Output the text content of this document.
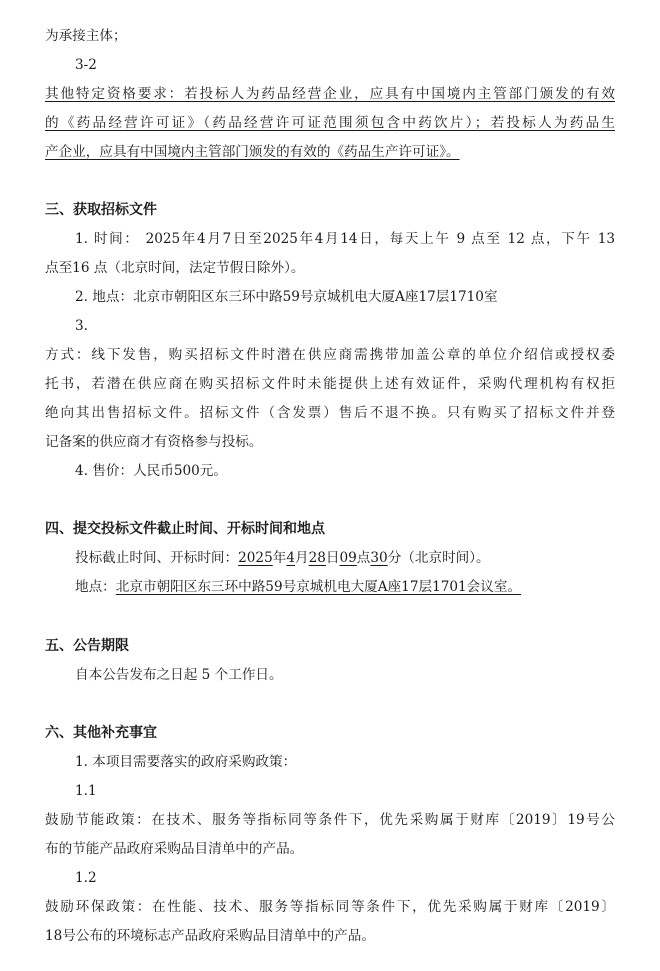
为承接主体；
3-2
其他特定资格要求：若投标人为药品经营企业，应具有中国境内主管部门颁发的有效
的《药品经营许可证》（药品经营许可证范围须包含中药饮片）；若投标人为药品生
产企业，应具有中国境内主管部门颁发的有效的《药品生产许可证》。
三、获取招标文件
1. 时间： 2025年4月7日至2025年4月14日，每天上午 9 点至 12 点，下午 13
点至16 点（北京时间，法定节假日除外）。
2. 地点：北京市朝阳区东三环中路59号京城机电大厦A座17层1710室
3.
方式：线下发售，购买招标文件时潜在供应商需携带加盖公章的单位介绍信或授权委
托书，若潜在供应商在购买招标文件时未能提供上述有效证件，采购代理机构有权拒
绝向其出售招标文件。招标文件（含发票）售后不退不换。只有购买了招标文件并登
记备案的供应商才有资格参与投标。
4. 售价：人民币500元。
四、提交投标文件截止时间、开标时间和地点
投标截止时间、开标时间：2025年4月28日09点30分（北京时间）。
地点：北京市朝阳区东三环中路59号京城机电大厦A座17层1701会议室。
五、公告期限
自本公告发布之日起 5 个工作日。
六、其他补充事宜
1. 本项目需要落实的政府采购政策：
1.1
鼓励节能政策：在技术、服务等指标同等条件下，优先采购属于财库〔2019〕19号公
布的节能产品政府采购品目清单中的产品。
1.2
鼓励环保政策：在性能、技术、服务等指标同等条件下，优先采购属于财库〔2019〕
18号公布的环境标志产品政府采购品目清单中的产品。
